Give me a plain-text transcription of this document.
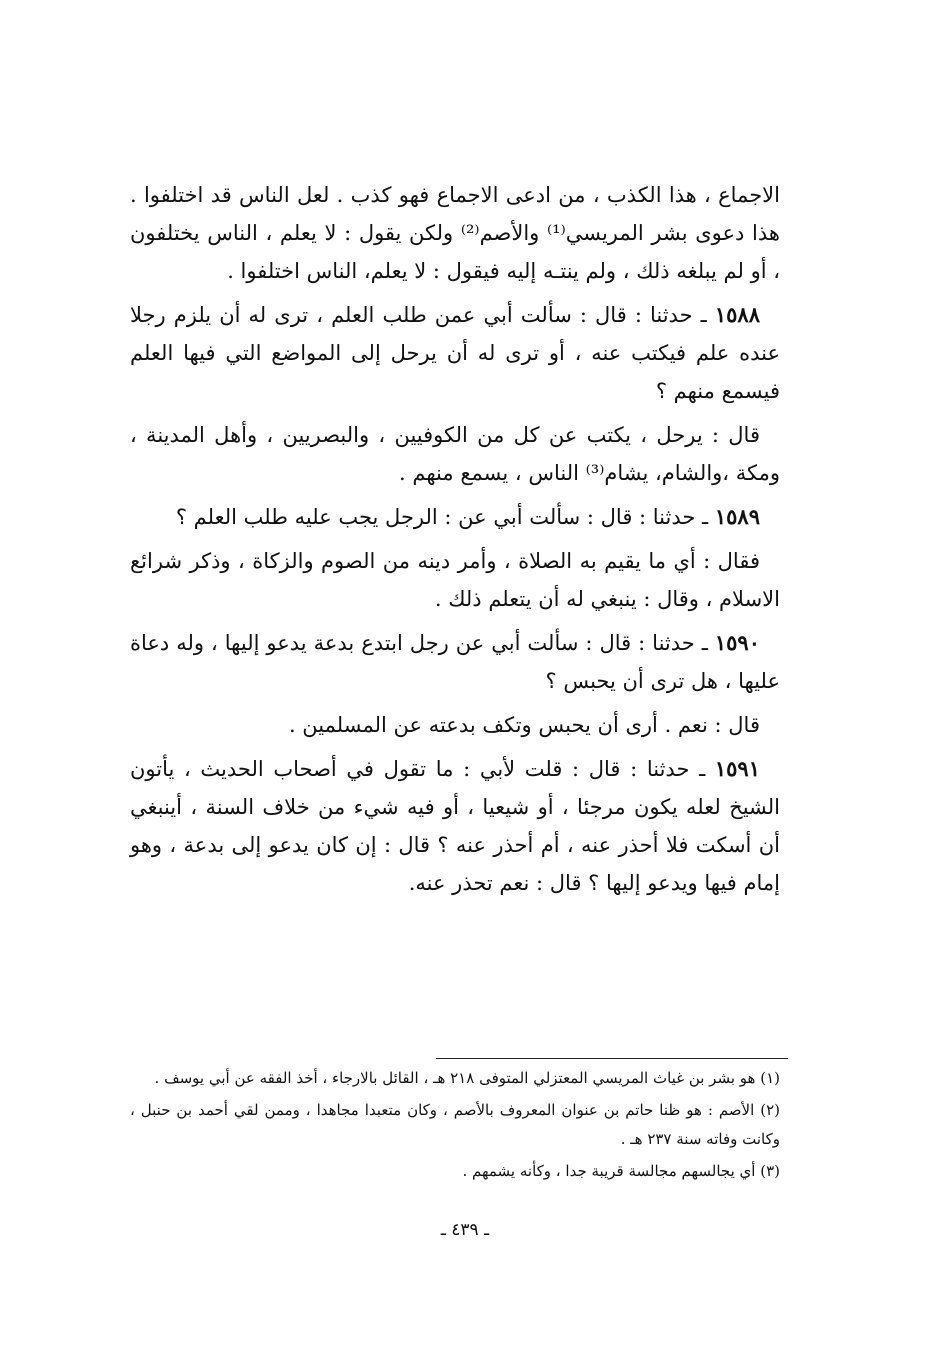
الاجماع ، هذا الكذب ، من ادعى الاجماع فهو كذب . لعل الناس قد اختلفوا . هذا دعوى بشر المريسي⁽¹⁾ والأصم⁽²⁾ ولكن يقول : لا يعلم ، الناس يختلفون ، أو لم يبلغه ذلك ، ولم ينتـه إليه فيقول : لا يعلم، الناس اختلفوا .

١٥٨٨ ـ حدثنا : قال : سألت أبي عمن طلب العلم ، ترى له أن يلزم رجلا عنده علم فيكتب عنه ، أو ترى له أن يرحل إلى المواضع التي فيها العلم فيسمع منهم ؟

قال : يرحل ، يكتب عن كل من الكوفيين ، والبصريين ، وأهل المدينة ، ومكة ،والشام، يشام⁽³⁾ الناس ، يسمع منهم .

١٥٨٩ ـ حدثنا : قال : سألت أبي عن : الرجل يجب عليه طلب العلم ؟

فقال : أي ما يقيم به الصلاة ، وأمر دينه من الصوم والزكاة ، وذكر شرائع الاسلام ، وقال : ينبغي له أن يتعلم ذلك .

١٥٩٠ ـ حدثنا : قال : سألت أبي عن رجل ابتدع بدعة يدعو إليها ، وله دعاة عليها ، هل ترى أن يحبس ؟

قال : نعم . أرى أن يحبس وتكف بدعته عن المسلمين .

١٥٩١ ـ حدثنا : قال : قلت لأبي : ما تقول في أصحاب الحديث ، يأتون الشيخ لعله يكون مرجئا ، أو شيعيا ، أو فيه شيء من خلاف السنة ، أينبغي أن أسكت فلا أحذر عنه ، أم أحذر عنه ؟ قال : إن كان يدعو إلى بدعة ، وهو إمام فيها ويدعو إليها ؟ قال : نعم تحذر عنه.

(١) هو بشر بن غياث المريسي المعتزلي المتوفى ٢١٨ هـ ، القائل بالارجاء ، أخذ الفقه عن أبي يوسف .

(٢) الأصم : هو ظنا حاتم بن عنوان المعروف بالأصم ، وكان متعبدا مجاهدا ، وممن لقي أحمد بن حنبل ، وكانت وفاته سنة ٢٣٧ هـ .

(٣) أي يجالسهم مجالسة قريبة جدا ، وكأنه يشمهم .

ـ ٤٣٩ ـ
